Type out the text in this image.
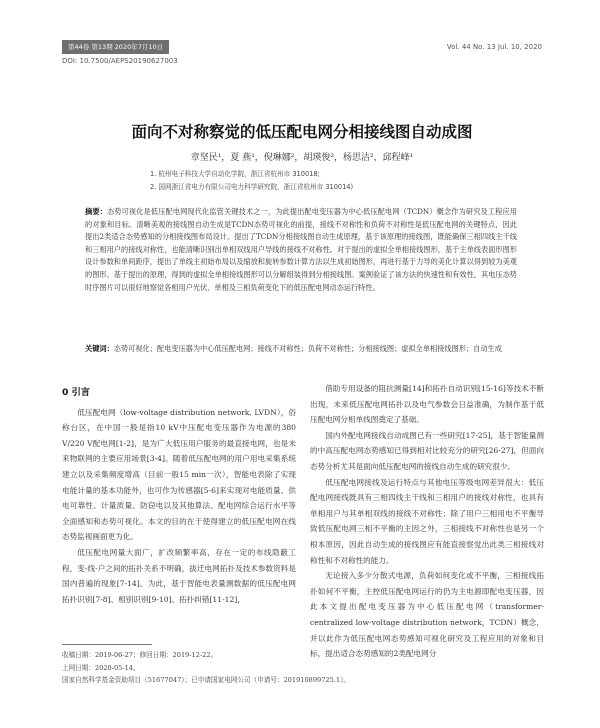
第44卷 第13期 2020年7月10日	Vol. 44 No. 13 Jul. 10, 2020
DOI: 10.7500/AEPS20190627003
面向不对称察觉的低压配电网分相接线图自动成图
章坚民¹，夏 燕¹，倪琳娜²，胡瑛俊²，杨思洁²，邱程峰¹
1. 杭州电子科技大学自动化学院，浙江省杭州市 310018;
2. 国网浙江省电力有限公司电力科学研究院，浙江省杭州市 310014)
摘要：态势可视化是低压配电网现代化监管关键技术之一，为此提出配电变压器为中心低压配电网（TCDN）概念作为研究及工程应用的对象和目标。清晰美观的接线图自动生成是TCDN态势可视化的前提，接线不对称性和负荷不对称性是低压配电网的关键特点，因此提出2类适合态势感知的分相接线图布局设计。提出了TCDN分相接线图自动生成原理，基于该原理的接线图，既能确保三相四线主干线和三相用户的接线对称性，也能清晰识别出单相双线用户导线的接线不对称性。对于提出的虚拟全单相接线图形，基于主单线表面形图形设计参数和单间距序，提出了单线主初始布局以及缩放和旋转参数计算方法以生成初始图形，再进行基于力导的美化计算以得到较为美观的图形。基于提出的原理，得到的虚拟全单相接线图形可以分解组装得到分相接线图。案例验证了该方法的快速性和有效性，其电压态势时序图片可以很好地察觉各相用户光伏、单相及三相负荷变化下的低压配电网动态运行特性。
关键词：态势可视化；配电变压器为中心低压配电网；接线不对称性；负荷不对称性；分相接线图；虚拟全单相接线图形；自动生成
0 引言

低压配电网（low-voltage distribution network, LVDN），俗称台区，在中国一般是指10 kV中压配电变压器作为电源的380 V/220 V配电网[1-2]，是为广大低压用户服务的最直接电网，也是未来物联网的主要应用场景[3-4]。随着低压配电网的用户用电采集系统建立以及采集频度增高（目前一般15 min一次），智能电表除了实现电能计量的基本功能外，也可作为传感器[5-6]来实现对电能质量、供电可靠性、计量质量、防窃电以及其他算法、配电网综合运行水平等全面感知和态势可视化。本文的目的在于使得建立的低压配电网在线态势监视画面更为化。

低压配电网量大面广，扩改频繁率高，存在一定的布线隐蔽工程，变-线-户之间的拓扑关系不明确，拔迁电网拓扑及技术参数资料是国内普遍的现象[7-14]。为此，基于智能电表量测数据的低压配电网拓扑识别[7-8]、相别识别[9-10]、拓扑纠错[11-12]，

借助专用设备的阻抗测量[14]和拓扑自动识别[15-16]等技术不断出现，未来低压配电网拓扑以及电气参数会日益准确，为制作基于低压配电网分相单线图奠定了基础。

国内外配电网接线自动成图已有一些研究[17-25]，基于智能量测的中高压配电网态势感知已得到相对比较充分的研究[26-27]，但面向态势分析尤其是面向低压配电网的接线自动生成的研究很少。

低压配电网接线及运行特点与其他电压等级电网差异很大：低压配电网接线既具有三相四线主干线和三相用户的接线对称性，也具有单相用户与其单相双线的接线不对称性；除了用户三相用电不平衡导致低压配电网三相不平衡的主因之外，三相接线不对称性也是另一个根本原因，因此自动生成的接线图应有能直接察觉出此类三相接线对称性和不对称性的能力。

无论接入多少分散式电源，负荷如何变化或不平衡，三相接线拓扑如何不平衡，主控低压配电网运行的仍为主电源即配电变压器，因此本文提出配电变压器为中心低压配电网（transformer-centralized low-voltage distribution network，TCDN）概念，并以此作为低压配电网态势感知可视化研究及工程应用的对象和目标，提出适合态势感知的2类配电网分

收稿日期：2019-06-27；修回日期：2019-12-22。
上网日期：2020-05-14。
国家自然科学基金资助项目（51677047）；已申请国家电网公司（申请号：201910899725.1）。
